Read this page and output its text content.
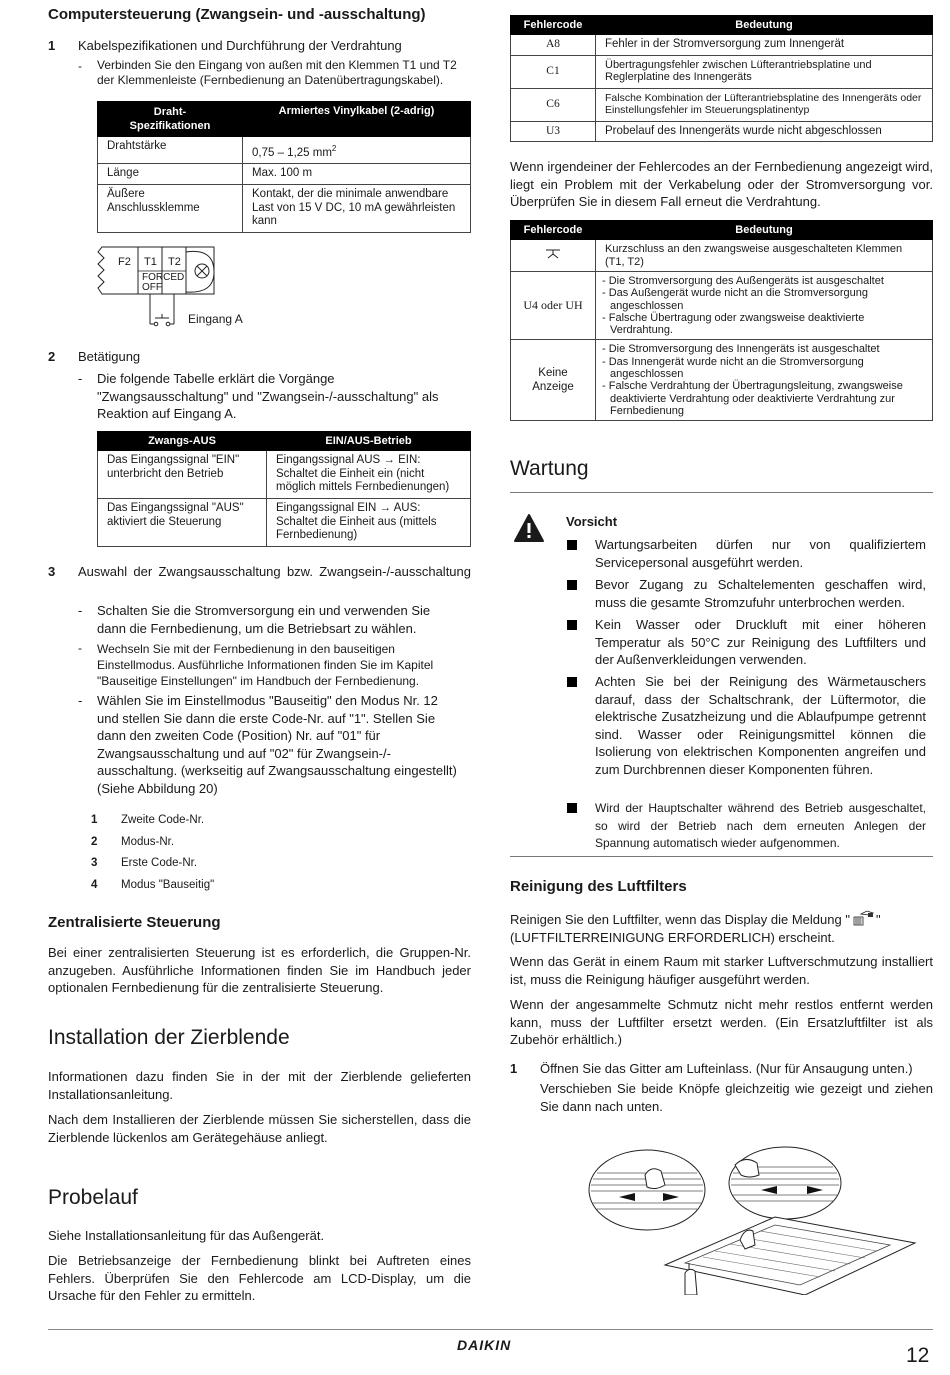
Computersteuerung (Zwangsein- und -ausschaltung)
1 Kabelspezifikationen und Durchführung der Verdrahtung
- Verbinden Sie den Eingang von außen mit den Klemmen T1 und T2 der Klemmenleiste (Fernbedienung an Datenübertragungskabel).
Draht-
Spezifikationen	Armiertes Vinylkabel (2-adrig)
Drahtstärke	0,75 – 1,25 $mm^2$
Länge	Max. 100 m
Äußere Anschlussklemme	Kontakt, der die minimale anwendbare Last von 15 V DC, 10 mA gewährleisten kann
F2 T1 T2
FORCED
OFF
Eingang A
2 Betätigung
- Die folgende Tabelle erklärt die Vorgänge "Zwangsausschaltung" und "Zwangsein-/-ausschaltung" als Reaktion auf Eingang A.
Zwangs-AUS	EIN/AUS-Betrieb
Das Eingangssignal "EIN" unterbricht den Betrieb	Eingangssignal AUS → EIN: Schaltet die Einheit ein (nicht möglich mittels Fernbedienungen)
Das Eingangssignal "AUS" aktiviert die Steuerung	Eingangssignal EIN → AUS: Schaltet die Einheit aus (mittels Fernbedienung)
3 Auswahl der Zwangsausschaltung bzw. Zwangsein-/-ausschaltung
- Schalten Sie die Stromversorgung ein und verwenden Sie dann die Fernbedienung, um die Betriebsart zu wählen.
- Wechseln Sie mit der Fernbedienung in den bauseitigen Einstellmodus. Ausführliche Informationen finden Sie im Kapitel "Bauseitige Einstellungen" im Handbuch der Fernbedienung.
- Wählen Sie im Einstellmodus "Bauseitig" den Modus Nr. 12 und stellen Sie dann die erste Code-Nr. auf "1". Stellen Sie dann den zweiten Code (Position) Nr. auf "01" für Zwangsausschaltung und auf "02" für Zwangsein-/-ausschaltung. (werkseitig auf Zwangsausschaltung eingestellt) (Siehe Abbildung 20)
1 Zweite Code-Nr.
2 Modus-Nr.
3 Erste Code-Nr.
4 Modus "Bauseitig"
Zentralisierte Steuerung

Bei einer zentralisierten Steuerung ist es erforderlich, die Gruppen-Nr. anzugeben. Ausführliche Informationen finden Sie im Handbuch jeder optionalen Fernbedienung für die zentralisierte Steuerung.

Installation der Zierblende

Informationen dazu finden Sie in der mit der Zierblende gelieferten Installationsanleitung.

Nach dem Installieren der Zierblende müssen Sie sicherstellen, dass die Zierblende lückenlos am Gerätegehäuse anliegt.

Probelauf

Siehe Installationsanleitung für das Außengerät.

Die Betriebsanzeige der Fernbedienung blinkt bei Auftreten eines Fehlers. Überprüfen Sie den Fehlercode am LCD-Display, um die Ursache für den Fehler zu ermitteln.

Fehlercode	Bedeutung
A8	Fehler in der Stromversorgung zum Innengerät
C1	Übertragungsfehler zwischen Lüfterantriebsplatine und Reglerplatine des Innengeräts
C6	Falsche Kombination der Lüfterantriebsplatine des Innengeräts oder Einstellungsfehler im Steuerungsplatinentyp
U3	Probelauf des Innengeräts wurde nicht abgeschlossen

Wenn irgendeiner der Fehlercodes an der Fernbedienung angezeigt wird, liegt ein Problem mit der Verkabelung oder der Stromversorgung vor. Überprüfen Sie in diesem Fall erneut die Verdrahtung.

Fehlercode	Bedeutung
	Kurzschluss an den zwangsweise ausgeschalteten Klemmen (T1, T2)
U4 oder UH	- Die Stromversorgung des Außengeräts ist ausgeschaltet
- Das Außengerät wurde nicht an die Stromversorgung angeschlossen
- Falsche Übertragung oder zwangsweise deaktivierte Verdrahtung.

Keine Anzeige	- Die Stromversorgung des Innengeräts ist ausgeschaltet
- Das Innengerät wurde nicht an die Stromversorgung angeschlossen
- Falsche Verdrahtung der Übertragungsleitung, zwangsweise deaktivierte Verdrahtung oder deaktivierte Verdrahtung zur Fernbedienung
Wartung
Vorsicht

Wartungsarbeiten dürfen nur von qualifiziertem Servicepersonal ausgeführt werden.

Bevor Zugang zu Schaltelementen geschaffen wird, muss die gesamte Stromzufuhr unterbrochen werden.

Kein Wasser oder Druckluft mit einer höheren Temperatur als 50°C zur Reinigung des Luftfilters und der Außenverkleidungen verwenden.

Achten Sie bei der Reinigung des Wärmetauschers darauf, dass der Schaltschrank, der Lüftermotor, die elektrische Zusatzheizung und die Ablaufpumpe getrennt sind. Wasser oder Reinigungsmittel können die Isolierung von elektrischen Komponenten angreifen und zum Durchbrennen dieser Komponenten führen.

Wird der Hauptschalter während des Betrieb ausgeschaltet, so wird der Betrieb nach dem erneuten Anlegen der Spannung automatisch wieder aufgenommen.

Reinigung des Luftfilters

Reinigen Sie den Luftfilter, wenn das Display die Meldung " " (LUFTFILTERREINIGUNG ERFORDERLICH) erscheint.

Wenn das Gerät in einem Raum mit starker Luftverschmutzung installiert ist, muss die Reinigung häufiger ausgeführt werden.

Wenn der angesammelte Schmutz nicht mehr restlos entfernt werden kann, muss der Luftfilter ersetzt werden. (Ein Ersatzluftfilter ist als Zubehör erhältlich.)

1 Öffnen Sie das Gitter am Lufteinlass. (Nur für Ansaugung unten.)

Verschieben Sie beide Knöpfe gleichzeitig wie gezeigt und ziehen Sie dann nach unten.

DAIKIN	12
